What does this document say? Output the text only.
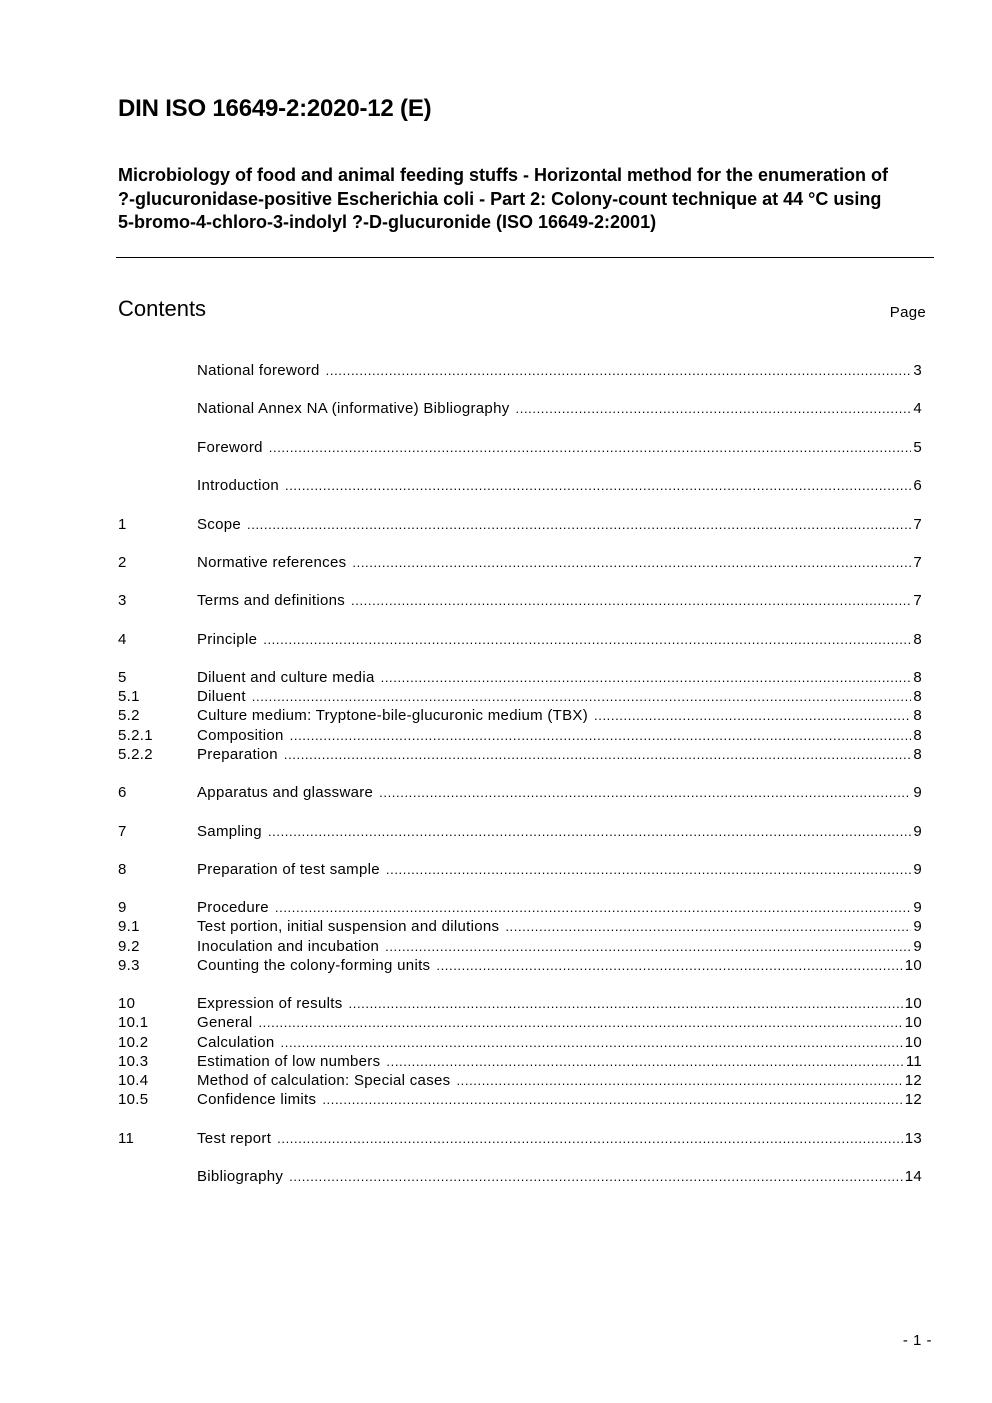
DIN ISO 16649-2:2020-12 (E)
Microbiology of food and animal feeding stuffs - Horizontal method for the enumeration of ?-glucuronidase-positive Escherichia coli - Part 2: Colony-count technique at 44 °C using 5-bromo-4-chloro-3-indolyl ?-D-glucuronide (ISO 16649-2:2001)
Contents	Page
National foreword .....	3
National Annex NA (informative) Bibliography .....	4
Foreword .....	5
Introduction .....	6
1	Scope .....	7
2	Normative references .....	7
3	Terms and definitions .....	7
4	Principle .....	8
5	Diluent and culture media .....	8
5.1	Diluent .....	8
5.2	Culture medium: Tryptone-bile-glucuronic medium (TBX) .....	8
5.2.1	Composition .....	8
5.2.2	Preparation .....	8
6	Apparatus and glassware .....	9
7	Sampling .....	9
8	Preparation of test sample .....	9
9	Procedure .....	9
9.1	Test portion, initial suspension and dilutions .....	9
9.2	Inoculation and incubation .....	9
9.3	Counting the colony-forming units .....	10
10	Expression of results .....	10
10.1	General .....	10
10.2	Calculation .....	10
10.3	Estimation of low numbers .....	11
10.4	Method of calculation: Special cases .....	12
10.5	Confidence limits .....	12
11	Test report .....	13
Bibliography .....	14
- 1 -
